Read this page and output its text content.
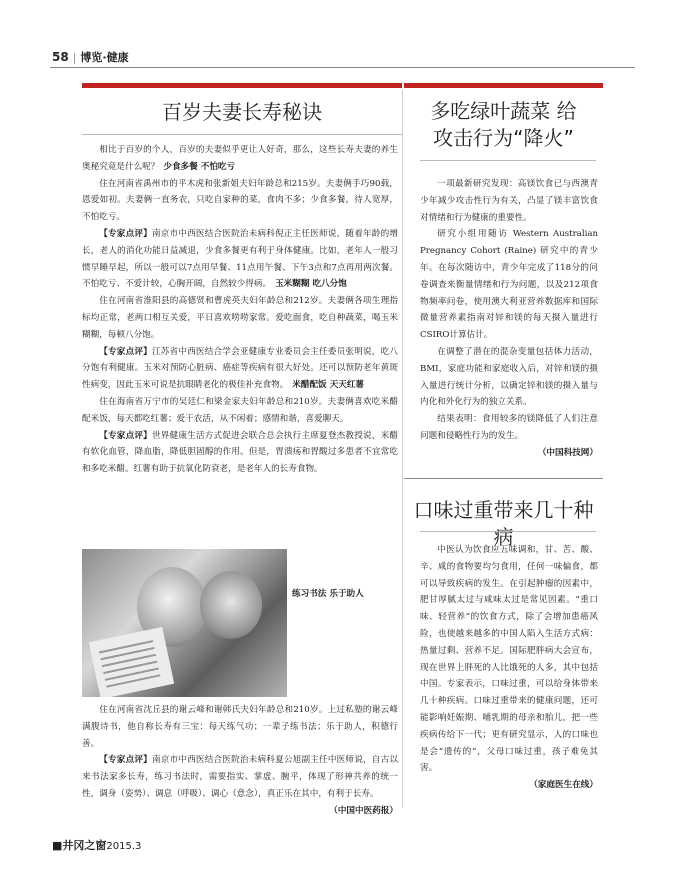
58 | 博览·健康
百岁夫妻长寿秘诀

相比于百岁的个人，百岁的夫妻似乎更让人好奇，那么，这些长寿夫妻的养生奥秘究竟是什么呢？ 少食多餐 不怕吃亏

住在河南省禹州市的平木虎和张新姐夫妇年龄总和215岁。夫妻俩手巧90载，恩爱如初。夫妻俩一直务农，只吃自家种的菜，食肉不多；少食多餐，待人宽厚，不怕吃亏。

【专家点评】南京市中西医结合医院治未病科倪正主任医师说，随着年龄的增长，老人的消化功能日益减退，少食多餐更有利于身体健康。比如，老年人一般习惯早睡早起，所以一般可以7点用早餐、11点用午餐、下午3点和7点再用两次餐。不怕吃亏、不爱计较，心胸开阔，自然较少得病。 玉米糊糊 吃八分饱

住在河南省淮阳县的高德贤和曹虎英夫妇年龄总和212岁。夫妻俩各项生理指标均正常，老两口相互关爱，平日喜欢唠唠家常。爱吃面食，吃自种蔬菜，喝玉米糊糊，每顿八分饱。

【专家点评】江苏省中西医结合学会亚健康专业委员会主任委员张明说，吃八分饱有利健康。玉米对预防心脏病、癌症等疾病有很大好处。还可以预防老年黄斑性病变，因此玉米可说是抗眼睛老化的极佳补充食物。 米醋配饭 天天红薯

住在海南省万宁市的吴廷仁和梁金家夫妇年龄总和210岁。夫妻俩喜欢吃米醋配米饭，每天都吃红薯；爱干农活，从不闲着；感情和谐，喜爱聊天。

【专家点评】世界健康生活方式促进会联合总会执行主席夏登杰教授说，米醋有软化血管，降血脂，降低胆固醇的作用。但是，胃溃疡和胃酸过多患者不宜常吃和多吃米醋。红薯有助于抗氧化防衰老，是老年人的长寿食物。

练习书法 乐于助人

住在河南省沈丘县的谢云峰和谢韩氏夫妇年龄总和210岁。上过私塾的谢云峰满腹诗书，他自称长寿有三宝：每天练气功；一辈子练书法；乐于助人，积德行善。

【专家点评】南京市中西医结合医院治未病科夏公旭副主任中医师说，自古以来书法家多长寿，练习书法时，需要指实、掌虚、腕平，体现了形神共养的统一性，调身（姿势）、调息（呼吸）、调心（意念），真正乐在其中，有利于长寿。

（中国中医药报）
多吃绿叶蔬菜 给
攻击行为“降火”

一项最新研究发现：高镁饮食已与西澳青少年减少攻击性行为有关，凸显了镁丰富饮食对情绪和行为健康的重要性。

研究小组用随访 Western Australian Pregnancy Cohort (Raine) 研究中的青少年。在每次随访中，青少年完成了118分的问卷调查来衡量情绪和行为问题，以及212项食物频率问卷，使用澳大利亚营养数据库和国际微量营养素指南对锌和镁的每天摄入量进行CSIRO计算估计。

在调整了潜在的混杂变量包括体力活动，BMI，家庭功能和家庭收入后，对锌和镁的摄入量进行统计分析，以确定锌和镁的摄入量与内化和外化行为的独立关系。

结果表明：食用较多的镁降低了人们注意问题和侵略性行为的发生。

（中国科技网）
口味过重带来几十种病

中医认为饮食应五味调和，甘、苦、酸、辛、咸的食物要均匀食用，任何一味偏食，都可以导致疾病的发生。在引起肿瘤的因素中，肥甘厚腻太过与咸味太过是常见因素。“重口味、轻营养”的饮食方式，除了会增加患癌风险，也使越来越多的中国人陷入生活方式病：热量过剩、营养不足。国际肥胖病大会宣布，现在世界上胖死的人比饿死的人多，其中包括中国。专家表示，口味过重，可以给身体带来几十种疾病。口味过重带来的健康问题，还可能影响妊娠期、哺乳期的母亲和胎儿，把一些疾病传给下一代；更有研究显示，人的口味也是会“遗传的”，父母口味过重，孩子难免其害。

（家庭医生在线）
■井冈之窗2015.3
